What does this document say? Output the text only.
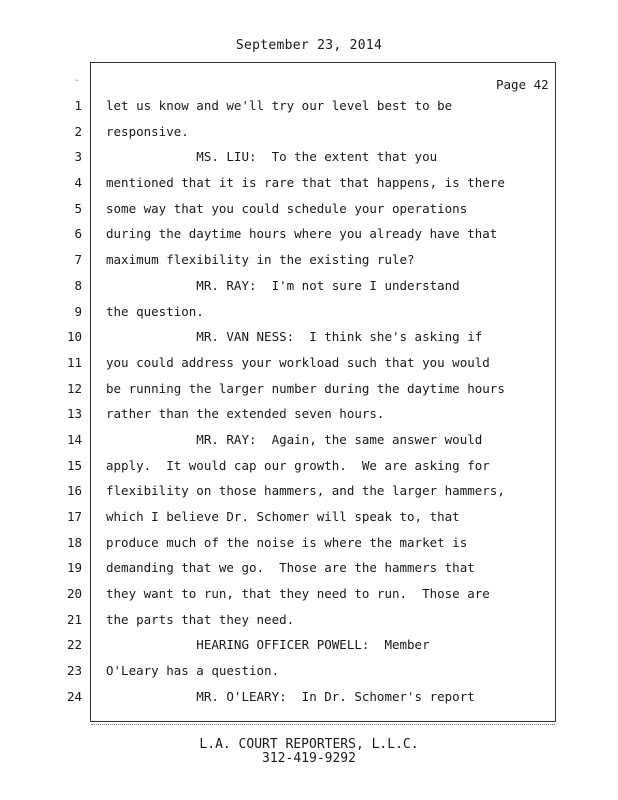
September 23, 2014
.	Page 42
1
2
3
4
5
6
7
8
9
10
11
12
13
14
15
16
17
18
19
20
21
22
23
24
let us know and we'll try our level best to be
responsive.
MS. LIU:  To the extent that you
mentioned that it is rare that that happens, is there
some way that you could schedule your operations
during the daytime hours where you already have that
maximum flexibility in the existing rule?
MR. RAY:  I'm not sure I understand
the question.
MR. VAN NESS:  I think she's asking if
you could address your workload such that you would
be running the larger number during the daytime hours
rather than the extended seven hours.
MR. RAY:  Again, the same answer would
apply.  It would cap our growth.  We are asking for
flexibility on those hammers, and the larger hammers,
which I believe Dr. Schomer will speak to, that
produce much of the noise is where the market is
demanding that we go.  Those are the hammers that
they want to run, that they need to run.  Those are
the parts that they need.
HEARING OFFICER POWELL:  Member
O'Leary has a question.
MR. O'LEARY:  In Dr. Schomer's report
L.A. COURT REPORTERS, L.L.C.
312-419-9292
